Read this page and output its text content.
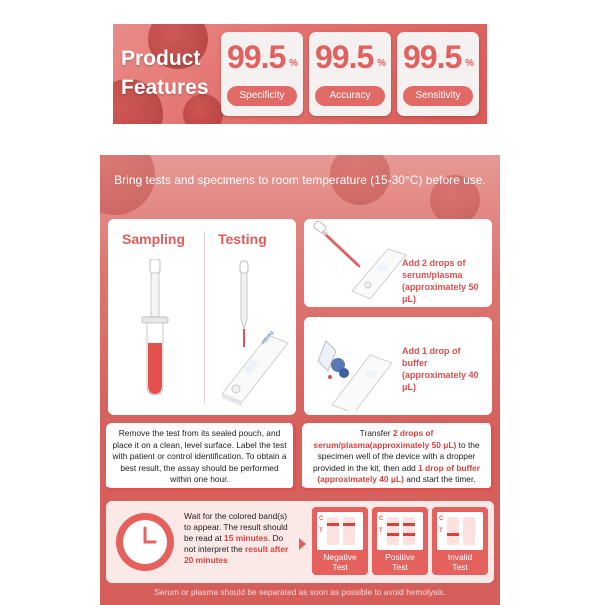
Product
Features
99.5 %
Specificity
99.5 %
Accuracy
99.5 %
Sensitivity
Bring tests and specimens to room temperature (15-30°C) before use.
Sampling Testing
HBsAg
Add 2 drops of
serum/plasma
(approximately 50 μL)
Add 1 drop of
buffer
(approximately 40 μL)
Remove the test from its sealed pouch, and place it on a clean, level surface. Label the test with patient or control identification. To obtain a best result, the assay should be performed within one hour.
Transfer 2 drops of serum/plasma(approximately 50 μL) to the specimen well of the device with a dropper provided in the kit, then add 1 drop of buffer (approximately 40 μL) and start the timer.
Wait for the colored band(s) to appear. The result should be read at 15 minutes. Do not interpret the result after 20 minutes
C
T
Negative
Test
C
T
Positive
Test
C
T
Invalid
Test
Serum or plasma should be separated as soon as possible to avoid hemolysis.
